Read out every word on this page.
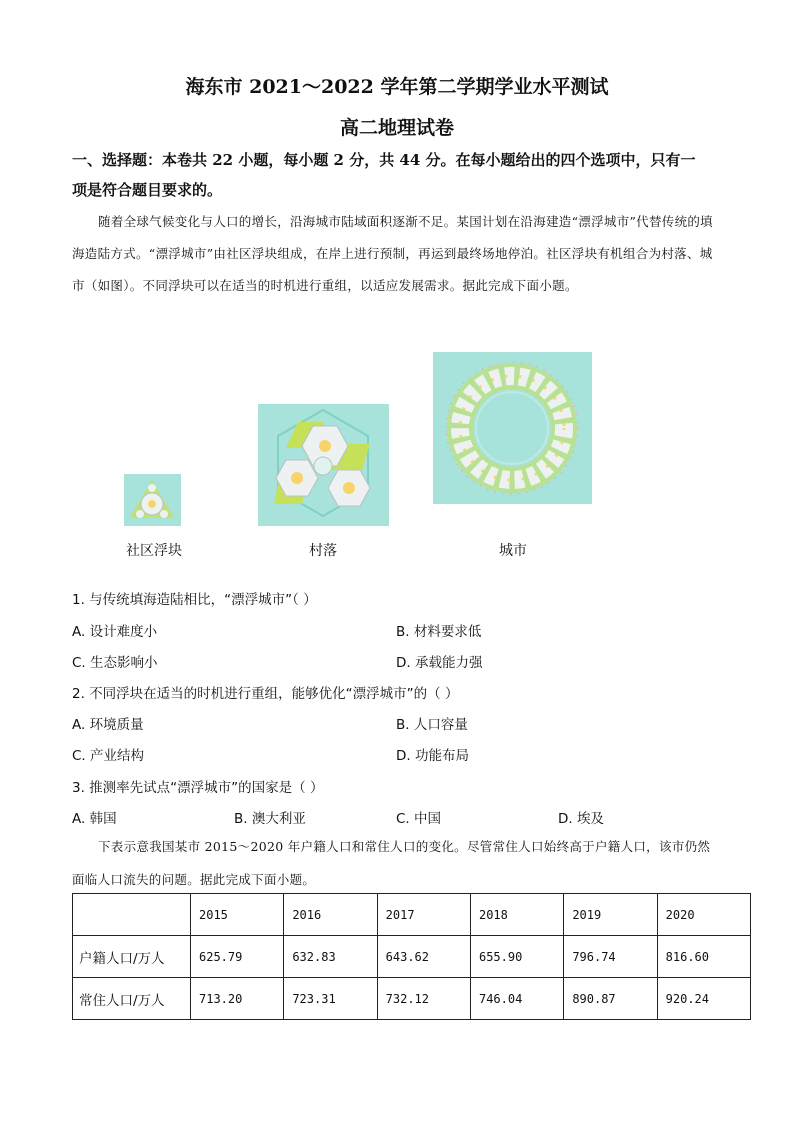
海东市 2021～2022 学年第二学期学业水平测试
高二地理试卷
一、选择题：本卷共 22 小题，每小题 2 分，共 44 分。在每小题给出的四个选项中，只有一
项是符合题目要求的。
随着全球气候变化与人口的增长，沿海城市陆域面积逐渐不足。某国计划在沿海建造“漂浮城市”代替传统的填海造陆方式。“漂浮城市”由社区浮块组成，在岸上进行预制，再运到最终场地停泊。社区浮块有机组合为村落、城市（如图）。不同浮块可以在适当的时机进行重组，以适应发展需求。据此完成下面小题。
社区浮块	村落	城市
1. 与传统填海造陆相比，“漂浮城市”（ ）
A. 设计难度小	B. 材料要求低
C. 生态影响小	D. 承载能力强
2. 不同浮块在适当的时机进行重组，能够优化“漂浮城市”的（ ）
A. 环境质量	B. 人口容量
C. 产业结构	D. 功能布局
3. 推测率先试点“漂浮城市”的国家是（ ）
A. 韩国	B. 澳大利亚	C. 中国	D. 埃及
下表示意我国某市 2015～2020 年户籍人口和常住人口的变化。尽管常住人口始终高于户籍人口，该市仍然面临人口流失的问题。据此完成下面小题。
	2015	2016	2017	2018	2019	2020
户籍人口/万人	625.79	632.83	643.62	655.90	796.74	816.60
常住人口/万人	713.20	723.31	732.12	746.04	890.87	920.24
